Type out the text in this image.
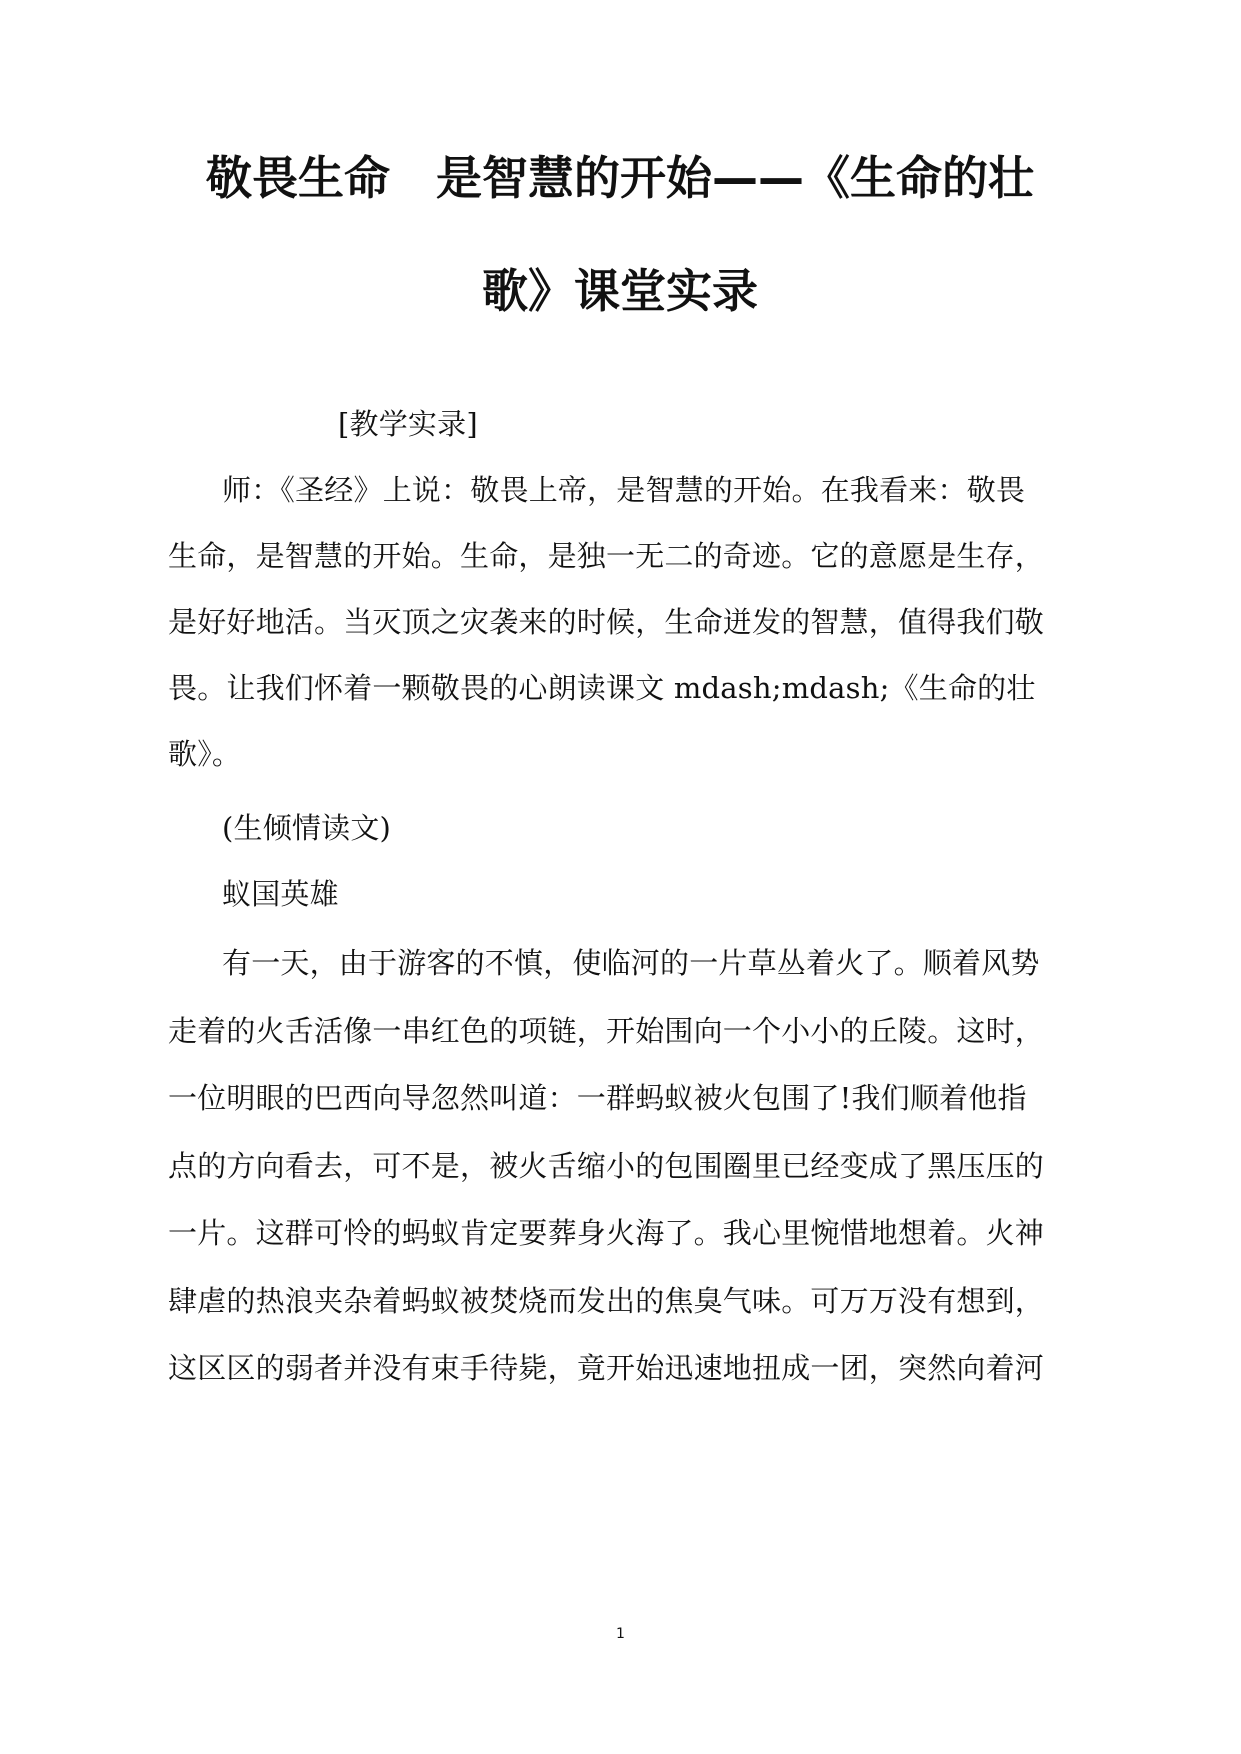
敬畏生命　是智慧的开始——《生命的壮
歌》课堂实录
[教学实录]
师：《圣经》上说：敬畏上帝，是智慧的开始。在我看来：敬畏
生命，是智慧的开始。生命，是独一无二的奇迹。它的意愿是生存，
是好好地活。当灭顶之灾袭来的时候，生命迸发的智慧，值得我们敬
畏。让我们怀着一颗敬畏的心朗读课文 mdash;mdash;《生命的壮
歌》。
(生倾情读文)
蚁国英雄
有一天，由于游客的不慎，使临河的一片草丛着火了。顺着风势
走着的火舌活像一串红色的项链，开始围向一个小小的丘陵。这时，
一位明眼的巴西向导忽然叫道：一群蚂蚁被火包围了!我们顺着他指
点的方向看去，可不是，被火舌缩小的包围圈里已经变成了黑压压的
一片。这群可怜的蚂蚁肯定要葬身火海了。我心里惋惜地想着。火神
肆虐的热浪夹杂着蚂蚁被焚烧而发出的焦臭气味。可万万没有想到，
这区区的弱者并没有束手待毙，竟开始迅速地扭成一团，突然向着河
1
